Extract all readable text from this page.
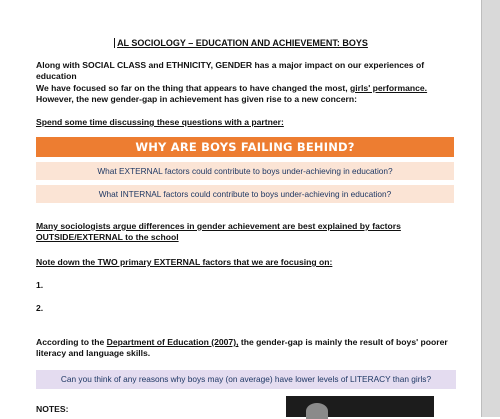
AL SOCIOLOGY – EDUCATION AND ACHIEVEMENT: BOYS
Along with SOCIAL CLASS and ETHNICITY, GENDER has a major impact on our experiences of education
We have focused so far on the thing that appears to have changed the most, girls' performance. However, the new gender-gap in achievement has given rise to a new concern:
Spend some time discussing these questions with a partner:
WHY ARE BOYS FAILING BEHIND?
What EXTERNAL factors could contribute to boys under-achieving in education?
What INTERNAL factors could contribute to boys under-achieving in education?
Many sociologists argue differences in gender achievement are best explained by factors OUTSIDE/EXTERNAL to the school
Note down the TWO primary EXTERNAL factors that we are focusing on:
1.
2.
According to the Department of Education (2007), the gender-gap is mainly the result of boys' poorer literacy and language skills.
Can you think of any reasons why boys may (on average) have lower levels of LITERACY than girls?
NOTES:
